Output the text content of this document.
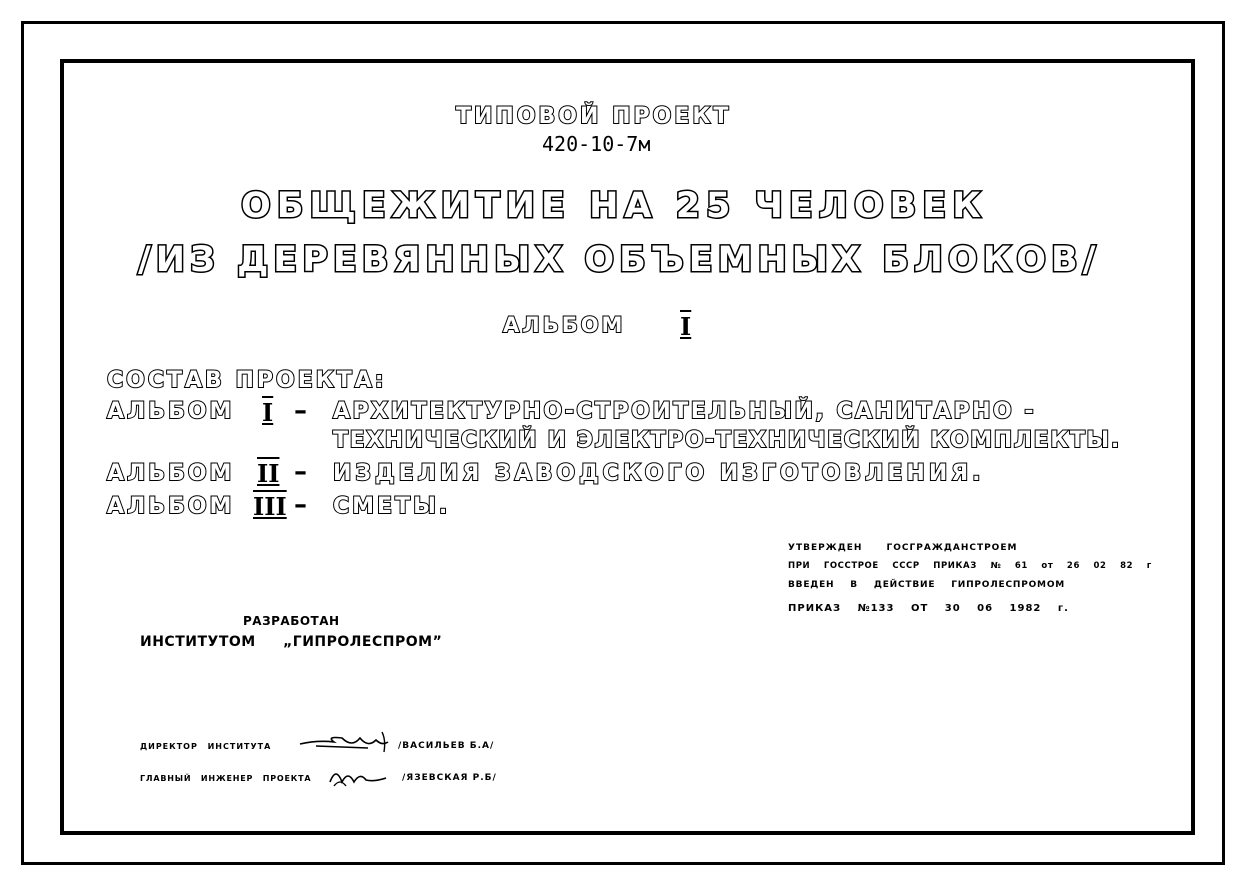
ТИПОВОЙ ПРОЕКТ
420-10-7м
ОБЩЕЖИТИЕ НА 25 ЧЕЛОВЕК
/ИЗ ДЕРЕВЯННЫХ ОБЪЕМНЫХ БЛОКОВ/
АЛЬБОМ I
СОСТАВ ПРОЕКТА:
АЛЬБОМ I – АРХИТЕКТУРНО-СТРОИТЕЛЬНЫЙ, САНИТАРНО -
ТЕХНИЧЕСКИЙ И ЭЛЕКТРО-ТЕХНИЧЕСКИЙ КОМПЛЕКТЫ.
АЛЬБОМ II – ИЗДЕЛИЯ ЗАВОДСКОГО ИЗГОТОВЛЕНИЯ.
АЛЬБОМ III – СМЕТЫ.
УТВЕРЖДЕН ГОСГРАЖДАНСТРОЕМ
ПРИ ГОССТРОЕ СССР ПРИКАЗ № 61 от 26 02 82 г
ВВЕДЕН В ДЕЙСТВИЕ ГИПРОЛЕСПРОМОМ
ПРИКАЗ №133 ОТ 30 06 1982 г.
РАЗРАБОТАН
ИНСТИТУТОМ „ГИПРОЛЕСПРОМ”
ДИРЕКТОР ИНСТИТУТА	/ВАСИЛЬЕВ Б.А/
ГЛАВНЫЙ ИНЖЕНЕР ПРОЕКТА	/ЯЗЕВСКАЯ Р.Б/
